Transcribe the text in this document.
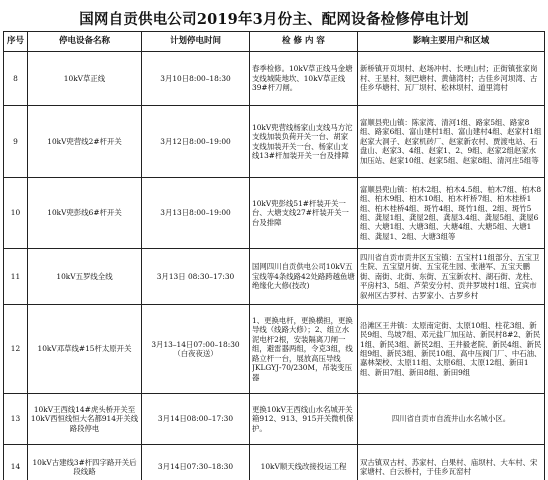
国网自贡供电公司2019年3月份主、配网设备检修停电计划
序号	停电设备名称	计划停电时间	检 修 内 容	影响主要用户和区域
8	10kV草正线	3月10日8:00–18:30	春季检修。10kV草正线马金塘支线城陡地坎、10kV草正线39#杆刀闸。	新桥镇开页坝村、赵场冲村、长埂山村；正街镇张家岗村、王星村、刻巴塘村、黄储湾村；古佳乡河坝湾、古佳乡华塘村、瓦厂坝村、松林坝村、道里湾村

9	10kV兜营线2#杆开关	3月12日8:00–19:00	10kV兜营线杨家山支线马方沱支线加装负荷开关一台、胡家支线加装开关一台、杨家山支线13#杆加装开关一台及排障	富顺县兜山镇：陈家湾、清河1组、路家5组、路家8组、路家6组、富山建村1组、富山建村4组、赵家村1组赵家大洞子、赵家机砖厂、赵家新农村、贾渡电站、石盘山、赵家3、4组、赵家1、2、9组、赵家2组赵家水加压站、赵家10组、赵家5组、赵家8组、清河庄5组等

10	10kV兜彭线6#杆开关	3月13日8:00–19:00	10kV兜彭线51#杆装开关一台、大塘支线27#杆装开关一台及排障	富顺县兜山镇：柏木2组、柏木4.5组、柏木7组、柏木8组、柏木9组、柏木10组、柏木杆桥7组、柏木桂桥1组、柏木桂桥4组、斑竹4组、斑竹1组、2组、斑竹5组、龚屋1组、龚屋2组、龚屋3.4组、龚屋5组、龚屋6组、大塘1组、大塘3组、大塘4组、大塘5组、大塘1组、龚屋1、2组、大塘3组等

11	10kV五罗线全线	3月13日 08:30–17:30	国网四川自贡供电公司10kV五宝线等4条线路42处路跨越鱼塘绝缘化大修(技改)	四川省自贡市贡井区五宝镇：五宝村11组部分、五宝卫生院、五宝望月街、五宝花生园、张港军、五宝天鹏街、南街、北街、东街、五宝新农村、湖石街、龙柱、平房村3、5组、芦荣安分村、贡井罗坡村1组、宜宾市叙州区古罗村、古罗家小、古罗乡村

12	10kV邓草线#15杆太原开关	3月13–14日07:00–18:30（白夜夜送）	1、更换电杆，更换横担，更换导线（线路大修）；2、组立水泥电杆2根，安装隔离刀闸一组，避雷器两组，令克3组，线路立杆一台，展放高压导线JKLGYJ-70/230M，吊装变压器	沿滩区王井镇：太原南定街、太原10组、柱花3组、新民9组、鸟坡7组、邓元盐厂加压站、新民村8#2、新民1组、新民3组、新民2组、王井毅老院、新民4组、新民组9组、新民3组、新民10组、高中压阀门厂、中石油、嘉林架校、太原11组、太原6组、太原12组、新田1组、新田7组、新田8组、新田9组

13	10kV王西线14#虎头桥开关至10kV西恒线恒大名都914开关线路段停电	3月14日08:00–17:30	更换10kV王西线山水名城开关箱912、913、915开关微机保护。	四川省自贡市自流井山水名城小区。

14	10kV古建线3#杆四字路开关后段线路	3月14日07:30–18:30	10kV顺天线改接投运工程	双古镇双古村、苏家村、白果村、庙坝村、大车村、宋家塘村、白云桥村，于佳乡瓦窑村
